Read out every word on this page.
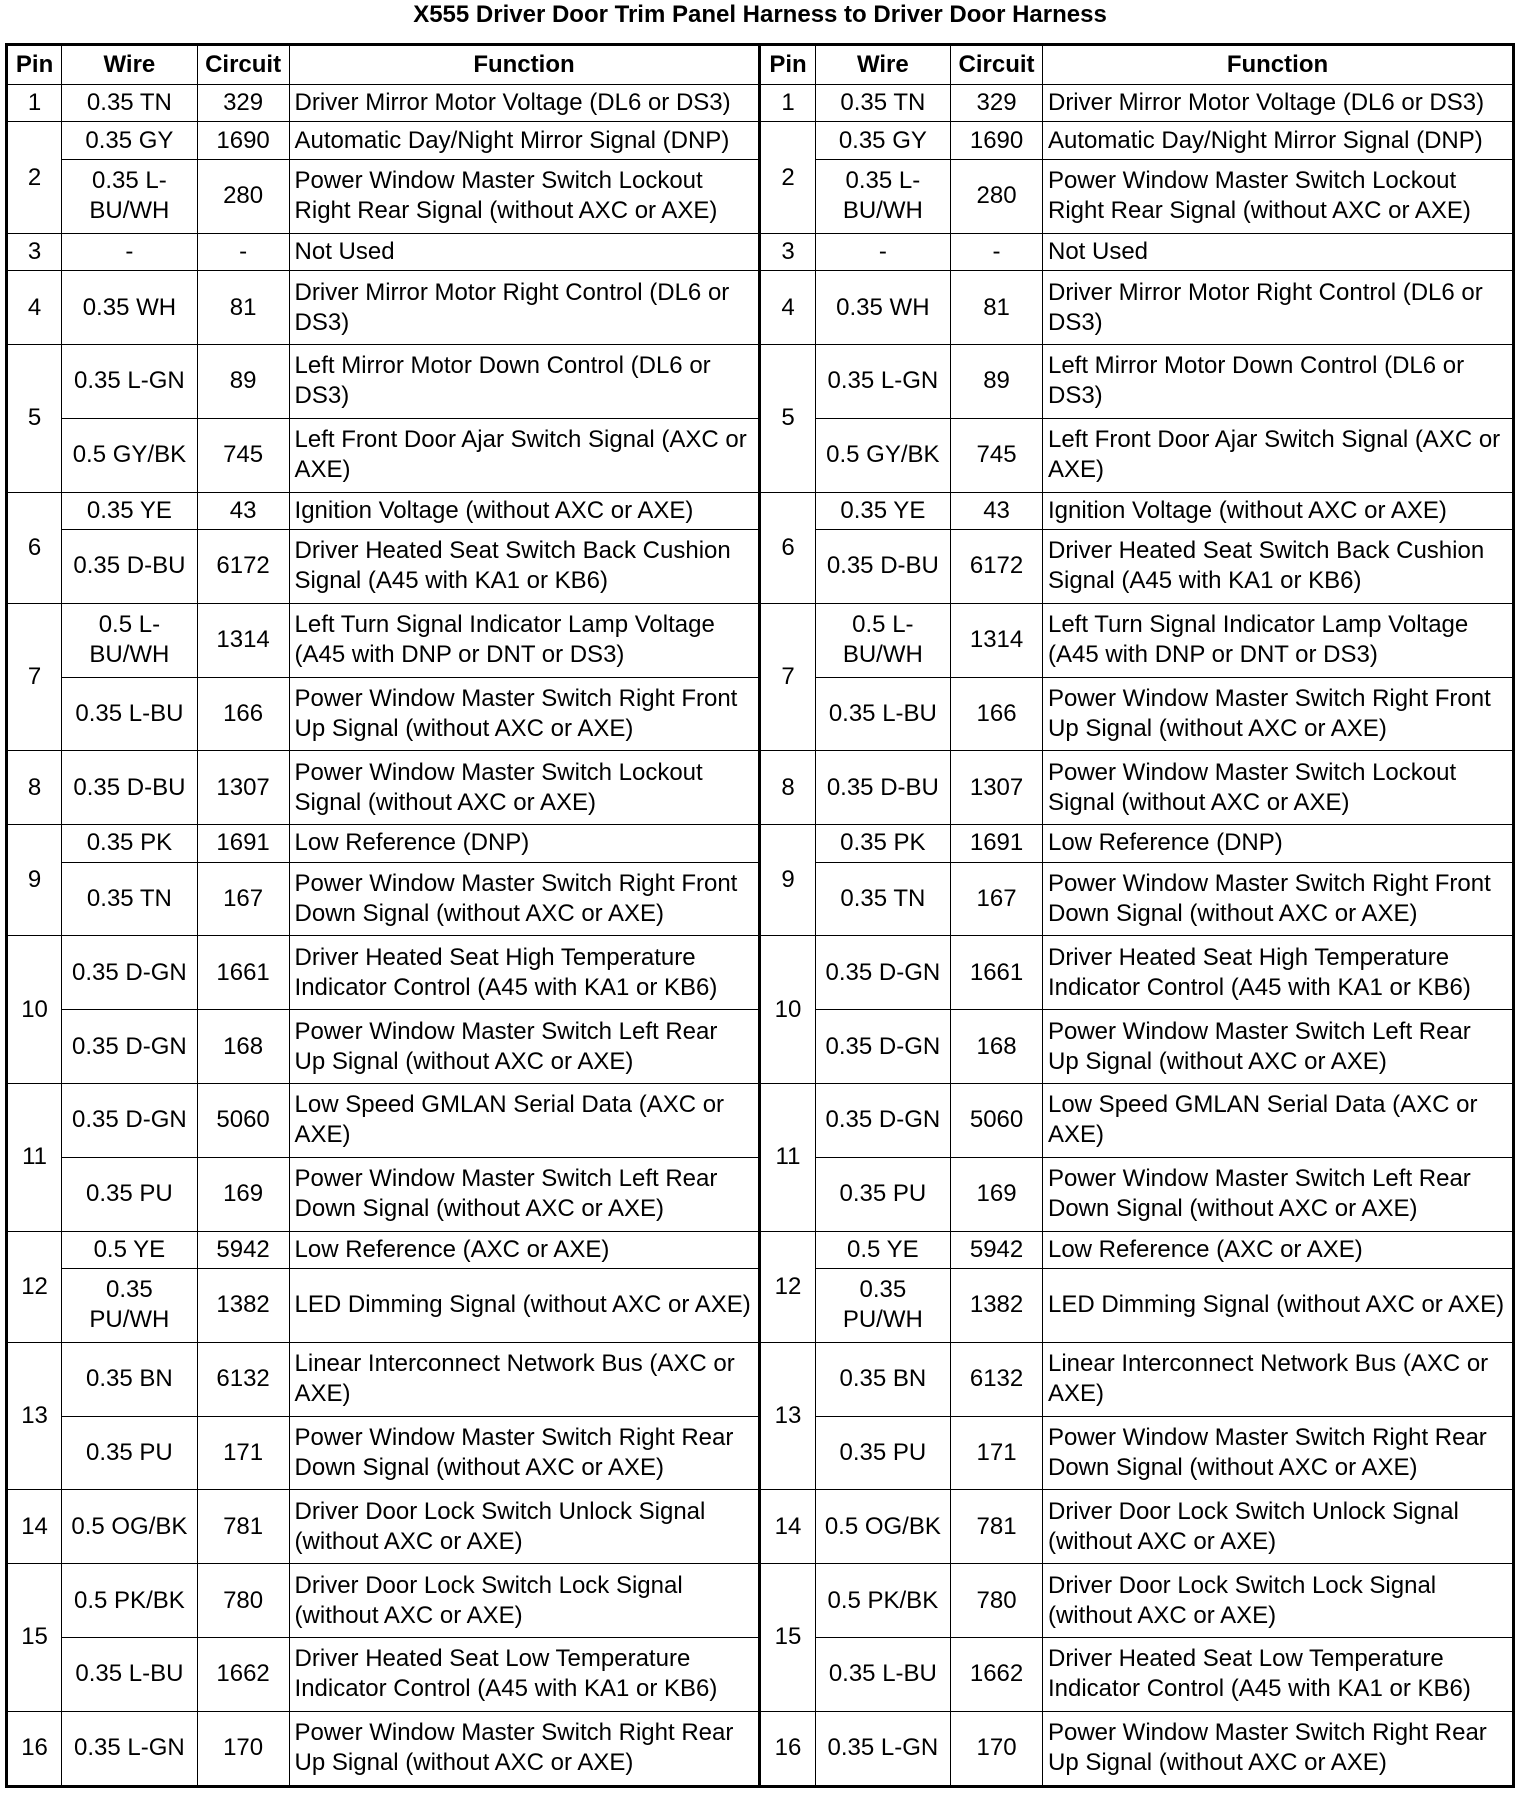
X555 Driver Door Trim Panel Harness to Driver Door Harness
Pin	Wire	Circuit	Function	Pin	Wire	Circuit	Function
1	0.35 TN	329	Driver Mirror Motor Voltage (DL6 or DS3)	1	0.35 TN	329	Driver Mirror Motor Voltage (DL6 or DS3)
2	0.35 GY	1690	Automatic Day/Night Mirror Signal (DNP)	2	0.35 GY	1690	Automatic Day/Night Mirror Signal (DNP)
	0.35 L-BU/WH	280	Power Window Master Switch Lockout Right Rear Signal (without AXC or AXE)		0.35 L-BU/WH	280	Power Window Master Switch Lockout Right Rear Signal (without AXC or AXE)
3	-	-	Not Used	3	-	-	Not Used
4	0.35 WH	81	Driver Mirror Motor Right Control (DL6 or DS3)	4	0.35 WH	81	Driver Mirror Motor Right Control (DL6 or DS3)
5	0.35 L-GN	89	Left Mirror Motor Down Control (DL6 or DS3)	5	0.35 L-GN	89	Left Mirror Motor Down Control (DL6 or DS3)
	0.5 GY/BK	745	Left Front Door Ajar Switch Signal (AXC or AXE)		0.5 GY/BK	745	Left Front Door Ajar Switch Signal (AXC or AXE)
6	0.35 YE	43	Ignition Voltage (without AXC or AXE)	6	0.35 YE	43	Ignition Voltage (without AXC or AXE)
	0.35 D-BU	6172	Driver Heated Seat Switch Back Cushion Signal (A45 with KA1 or KB6)		0.35 D-BU	6172	Driver Heated Seat Switch Back Cushion Signal (A45 with KA1 or KB6)
7	0.5 L-BU/WH	1314	Left Turn Signal Indicator Lamp Voltage (A45 with DNP or DNT or DS3)	7	0.5 L-BU/WH	1314	Left Turn Signal Indicator Lamp Voltage (A45 with DNP or DNT or DS3)
	0.35 L-BU	166	Power Window Master Switch Right Front Up Signal (without AXC or AXE)		0.35 L-BU	166	Power Window Master Switch Right Front Up Signal (without AXC or AXE)
8	0.35 D-BU	1307	Power Window Master Switch Lockout Signal (without AXC or AXE)	8	0.35 D-BU	1307	Power Window Master Switch Lockout Signal (without AXC or AXE)
9	0.35 PK	1691	Low Reference (DNP)	9	0.35 PK	1691	Low Reference (DNP)
	0.35 TN	167	Power Window Master Switch Right Front Down Signal (without AXC or AXE)		0.35 TN	167	Power Window Master Switch Right Front Down Signal (without AXC or AXE)
10	0.35 D-GN	1661	Driver Heated Seat High Temperature Indicator Control (A45 with KA1 or KB6)	10	0.35 D-GN	1661	Driver Heated Seat High Temperature Indicator Control (A45 with KA1 or KB6)
	0.35 D-GN	168	Power Window Master Switch Left Rear Up Signal (without AXC or AXE)		0.35 D-GN	168	Power Window Master Switch Left Rear Up Signal (without AXC or AXE)
11	0.35 D-GN	5060	Low Speed GMLAN Serial Data (AXC or AXE)	11	0.35 D-GN	5060	Low Speed GMLAN Serial Data (AXC or AXE)
	0.35 PU	169	Power Window Master Switch Left Rear Down Signal (without AXC or AXE)		0.35 PU	169	Power Window Master Switch Left Rear Down Signal (without AXC or AXE)
12	0.5 YE	5942	Low Reference (AXC or AXE)	12	0.5 YE	5942	Low Reference (AXC or AXE)
	0.35 PU/WH	1382	LED Dimming Signal (without AXC or AXE)		0.35 PU/WH	1382	LED Dimming Signal (without AXC or AXE)
13	0.35 BN	6132	Linear Interconnect Network Bus (AXC or AXE)	13	0.35 BN	6132	Linear Interconnect Network Bus (AXC or AXE)
	0.35 PU	171	Power Window Master Switch Right Rear Down Signal (without AXC or AXE)		0.35 PU	171	Power Window Master Switch Right Rear Down Signal (without AXC or AXE)
14	0.5 OG/BK	781	Driver Door Lock Switch Unlock Signal (without AXC or AXE)	14	0.5 OG/BK	781	Driver Door Lock Switch Unlock Signal (without AXC or AXE)
15	0.5 PK/BK	780	Driver Door Lock Switch Lock Signal (without AXC or AXE)	15	0.5 PK/BK	780	Driver Door Lock Switch Lock Signal (without AXC or AXE)
	0.35 L-BU	1662	Driver Heated Seat Low Temperature Indicator Control (A45 with KA1 or KB6)		0.35 L-BU	1662	Driver Heated Seat Low Temperature Indicator Control (A45 with KA1 or KB6)
16	0.35 L-GN	170	Power Window Master Switch Right Rear Up Signal (without AXC or AXE)	16	0.35 L-GN	170	Power Window Master Switch Right Rear Up Signal (without AXC or AXE)
